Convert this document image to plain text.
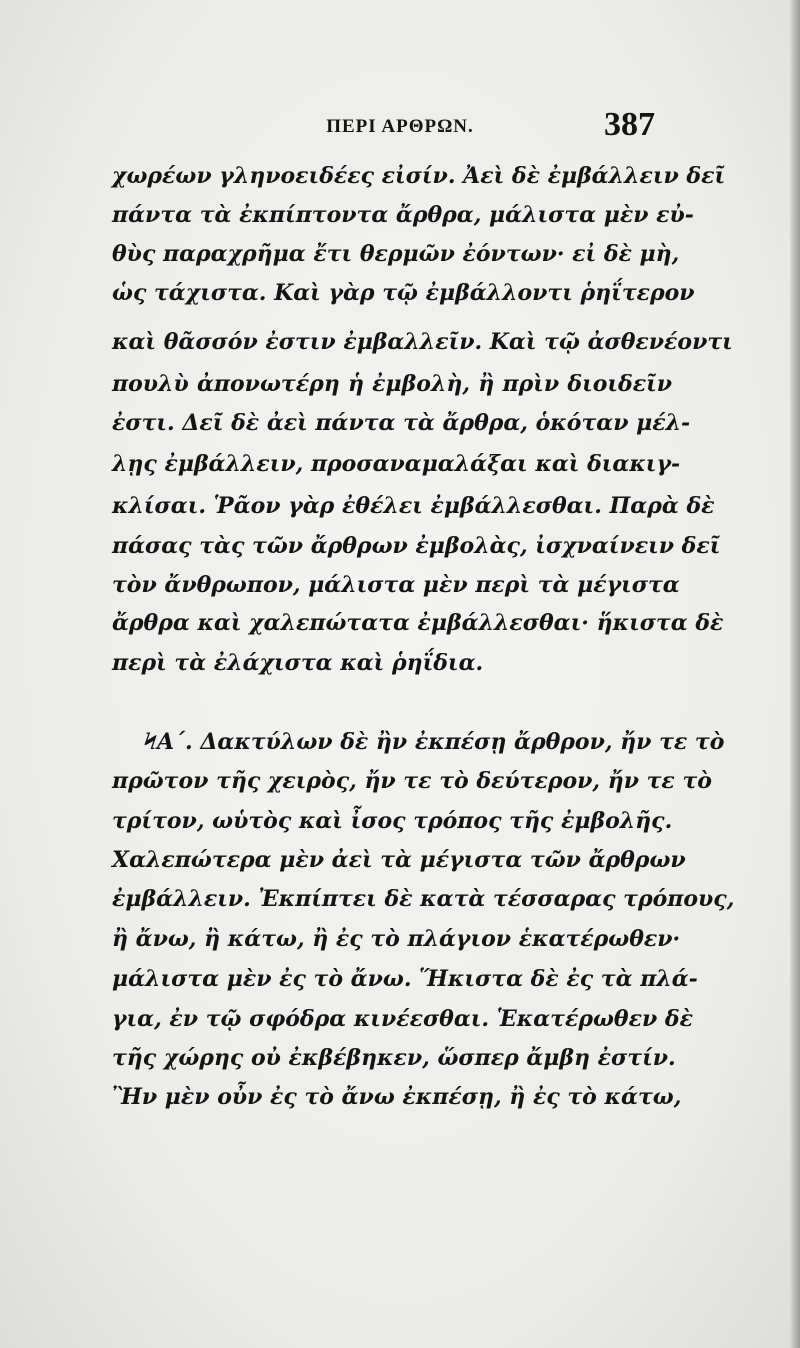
ΠΕΡΙ ΑΡΘΡΩΝ.	387
χωρέων γληνοειδέες εἰσίν. Ἀεὶ δὲ ἐμβάλλειν δεῖ
πάντα τὰ ἐκπίπτοντα ἄρθρα, μάλιστα μὲν εὐ-
θὺς παραχρῆμα ἔτι θερμῶν ἐόντων· εἰ δὲ μὴ,
ὡς τάχιστα. Καὶ γὰρ τῷ ἐμβάλλοντι ῥηΐτερον
καὶ θᾶσσόν ἐστιν ἐμβαλλεῖν. Καὶ τῷ ἀσθενέοντι
πουλὺ ἀπονωτέρη ἡ ἐμβολὴ, ἢ πρὶν διοιδεῖν
ἐστι. Δεῖ δὲ ἀεὶ πάντα τὰ ἄρθρα, ὁκόταν μέλ-
λῃς ἐμβάλλειν, προσαναμαλάξαι καὶ διακιγ-
κλίσαι. Ῥᾶον γὰρ ἐθέλει ἐμβάλλεσθαι. Παρὰ δὲ
πάσας τὰς τῶν ἄρθρων ἐμβολὰς, ἰσχναίνειν δεῖ
τὸν ἄνθρωπον, μάλιστα μὲν περὶ τὰ μέγιστα
ἄρθρα καὶ χαλεπώτατα ἐμβάλλεσθαι· ἥκιστα δὲ
περὶ τὰ ἐλάχιστα καὶ ῥηΐδια.
ϞΑ΄. Δακτύλων δὲ ἢν ἐκπέσῃ ἄρθρον, ἤν τε τὸ
πρῶτον τῆς χειρὸς, ἤν τε τὸ δεύτερον, ἤν τε τὸ
τρίτον, ωὑτὸς καὶ ἶσος τρόπος τῆς ἐμβολῆς.
Χαλεπώτερα μὲν ἀεὶ τὰ μέγιστα τῶν ἄρθρων
ἐμβάλλειν. Ἐκπίπτει δὲ κατὰ τέσσαρας τρόπους,
ἢ ἄνω, ἢ κάτω, ἢ ἐς τὸ πλάγιον ἑκατέρωθεν·
μάλιστα μὲν ἐς τὸ ἄνω. Ἥκιστα δὲ ἐς τὰ πλά-
για, ἐν τῷ σφόδρα κινέεσθαι. Ἑκατέρωθεν δὲ
τῆς χώρης οὐ ἐκβέβηκεν, ὥσπερ ἄμβη ἐστίν.
Ἢν μὲν οὖν ἐς τὸ ἄνω ἐκπέσῃ, ἢ ἐς τὸ κάτω,
